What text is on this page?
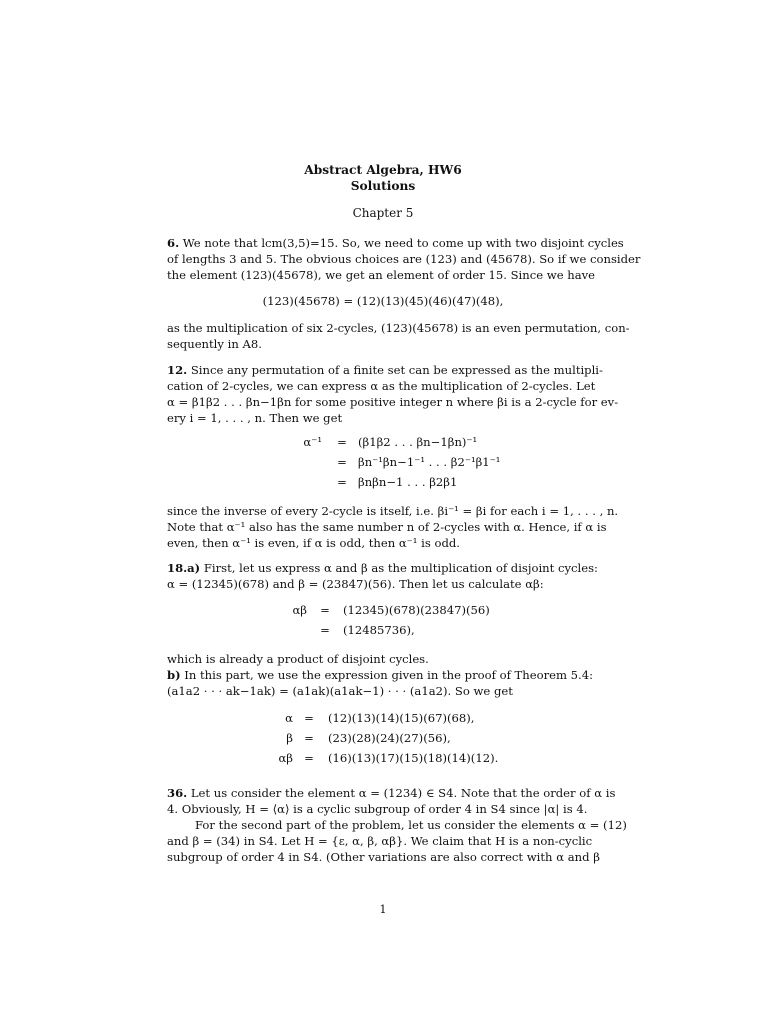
Abstract Algebra, HW6
Solutions
Chapter 5
6. We note that lcm(3,5)=15. So, we need to come up with two disjoint cycles
of lengths 3 and 5. The obvious choices are (123) and (45678). So if we consider
the element (123)(45678), we get an element of order 15. Since we have
(123)(45678) = (12)(13)(45)(46)(47)(48),
as the multiplication of six 2-cycles, (123)(45678) is an even permutation, con-
sequently in A8.
12. Since any permutation of a finite set can be expressed as the multipli-
cation of 2-cycles, we can express α as the multiplication of 2-cycles. Let
α = β1β2 . . . βn−1βn for some positive integer n where βi is a 2-cycle for ev-
ery i = 1, . . . , n. Then we get
α⁻¹	= (β1β2 . . . βn−1βn)⁻¹
= βn⁻¹βn−1⁻¹ . . . β2⁻¹β1⁻¹
= βnβn−1 . . . β2β1
since the inverse of every 2-cycle is itself, i.e. βi⁻¹ = βi for each i = 1, . . . , n.
Note that α⁻¹ also has the same number n of 2-cycles with α. Hence, if α is
even, then α⁻¹ is even, if α is odd, then α⁻¹ is odd.
18.a) First, let us express α and β as the multiplication of disjoint cycles:
α = (12345)(678) and β = (23847)(56). Then let us calculate αβ:
αβ	=	(12345)(678)(23847)(56)
=	(12485736),
which is already a product of disjoint cycles.
b) In this part, we use the expression given in the proof of Theorem 5.4:
(a1a2 · · · ak−1ak) = (a1ak)(a1ak−1) · · · (a1a2). So we get
α =	(12)(13)(14)(15)(67)(68),
β =	(23)(28)(24)(27)(56),
αβ =	(16)(13)(17)(15)(18)(14)(12).
36. Let us consider the element α = (1234) ∈ S4. Note that the order of α is
4. Obviously, H = ⟨α⟩ is a cyclic subgroup of order 4 in S4 since |α| is 4.
For the second part of the problem, let us consider the elements α = (12)
and β = (34) in S4. Let H = {ε, α, β, αβ}. We claim that H is a non-cyclic
subgroup of order 4 in S4. (Other variations are also correct with α and β
1
